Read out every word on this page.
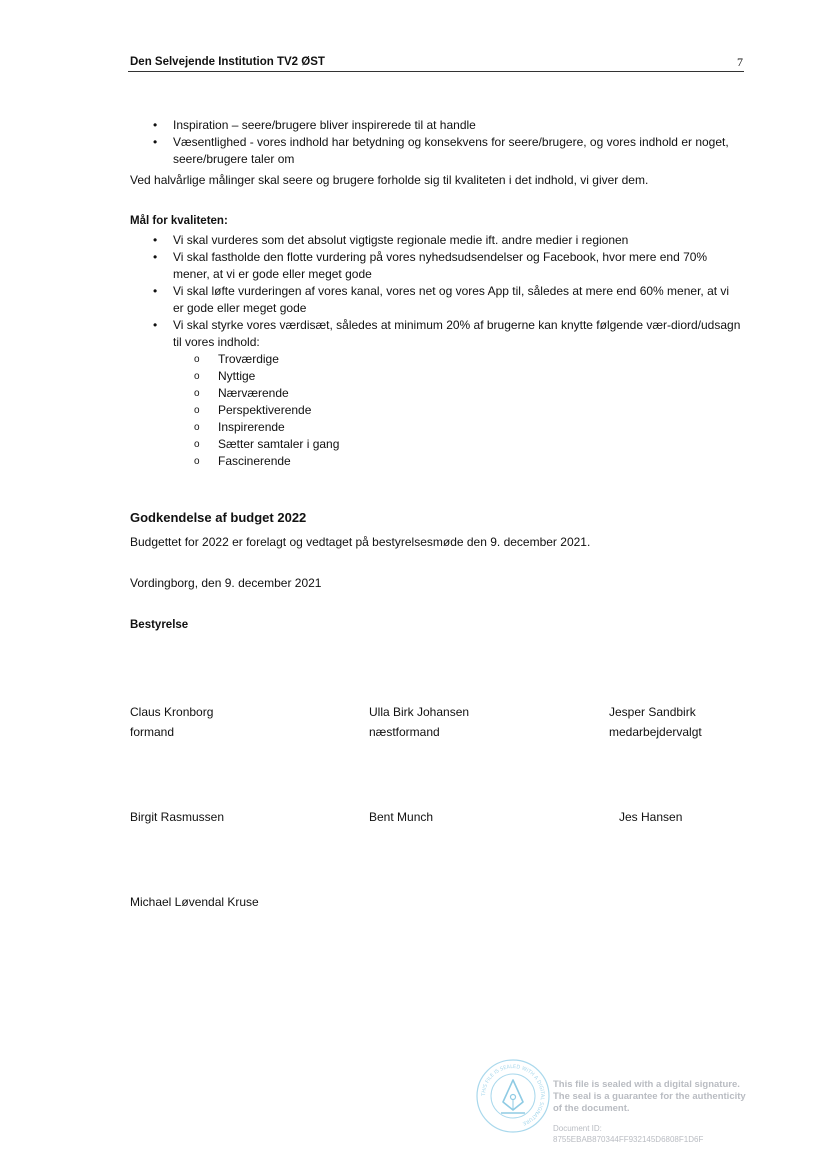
Den Selvejende Institution TV2 ØST	7
• Inspiration – seere/brugere bliver inspirerede til at handle
• Væsentlighed - vores indhold har betydning og konsekvens for seere/brugere, og vores indhold er noget, seere/brugere taler om
Ved halvårlige målinger skal seere og brugere forholde sig til kvaliteten i det indhold, vi giver dem.
Mål for kvaliteten:
• Vi skal vurderes som det absolut vigtigste regionale medie ift. andre medier i regionen
• Vi skal fastholde den flotte vurdering på vores nyhedsudsendelser og Facebook, hvor mere end 70% mener, at vi er gode eller meget gode
• Vi skal løfte vurderingen af vores kanal, vores net og vores App til, således at mere end 60% mener, at vi er gode eller meget gode
• Vi skal styrke vores værdisæt, således at minimum 20% af brugerne kan knytte følgende vær-diord/udsagn til vores indhold:
o Troværdige
o Nyttige
o Nærværende
o Perspektiverende
o Inspirerende
o Sætter samtaler i gang
o Fascinerende
Godkendelse af budget 2022
Budgettet for 2022 er forelagt og vedtaget på bestyrelsesmøde den 9. december 2021.
Vordingborg, den 9. december 2021
Bestyrelse
Claus Kronborg
formand
Ulla Birk Johansen
næstformand
Jesper Sandbirk
medarbejdervalgt
Birgit Rasmussen	Bent Munch	Jes Hansen
Michael Løvendal Kruse
THIS FILE IS SEALED WITH A DIGITAL SIGNATURE
This file is sealed with a digital signature.
The seal is a guarantee for the authenticity
of the document.
Document ID:
8755EBAB870344FF932145D6808F1D6F
